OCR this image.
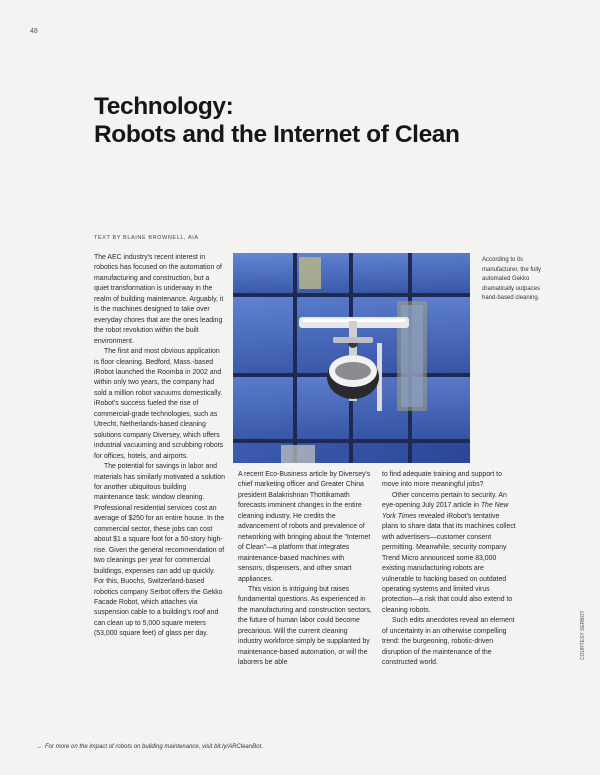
48
Technology:
Robots and the Internet of Clean
TEXT BY BLAINE BROWNELL, AIA

The AEC industry's recent interest in robotics has focused on the automation of manufacturing and construction, but a quiet transformation is underway in the realm of building maintenance. Arguably, it is the machines designed to take over everyday chores that are the ones leading the robot revolution within the built environment.

The first and most obvious application is floor cleaning. Bedford, Mass.-based iRobot launched the Roomba in 2002 and within only two years, the company had sold a million robot vacuums domestically. iRobot's success fueled the rise of commercial-grade technologies, such as Utrecht, Netherlands-based cleaning solutions company Diversey, which offers industrial vacuuming and scrubbing robots for offices, hotels, and airports.

The potential for savings in labor and materials has similarly motivated a solution for another ubiquitous building maintenance task: window cleaning. Professional residential services cost an average of $250 for an entire house. In the commercial sector, these jobs can cost about $1 a square foot for a 50-story high-rise. Given the general recommendation of two cleanings per year for commercial buildings, expenses can add up quickly. For this, Buochs, Switzerland-based robotics company Serbot offers the Gekko Facade Robot, which attaches via suspension cable to a building's roof and can clean up to 5,000 square meters (53,000 square feet) of glass per day.

According to its manufacturer, the fully automated Gekko dramatically outpaces hand-based cleaning.

A recent Eco-Business article by Diversey's chief marketing officer and Greater China president Balakrishnan Thottikamath forecasts imminent changes in the entire cleaning industry. He credits the advancement of robots and prevalence of networking with bringing about the "Internet of Clean"—a platform that integrates maintenance-based machines with sensors, dispensers, and other smart appliances.

This vision is intriguing but raises fundamental questions. As experienced in the manufacturing and construction sectors, the future of human labor could become precarious. Will the current cleaning industry workforce simply be supplanted by maintenance-based automation, or will the laborers be able

to find adequate training and support to move into more meaningful jobs?

Other concerns pertain to security. An eye-opening July 2017 article in The New York Times revealed iRobot's tentative plans to share data that its machines collect with advertisers—customer consent permitting. Meanwhile, security company Trend Micro announced some 83,000 existing manufacturing robots are vulnerable to hacking based on outdated operating systems and limited virus protection—a risk that could also extend to cleaning robots.

Such edits anecdotes reveal an element of uncertainty in an otherwise compelling trend: the burgeoning, robotic-driven disruption of the maintenance of the constructed world.

→ For more on the impact of robots on building maintenance, visit bit.ly/ARCleanBot.
COURTESY SERBOT
